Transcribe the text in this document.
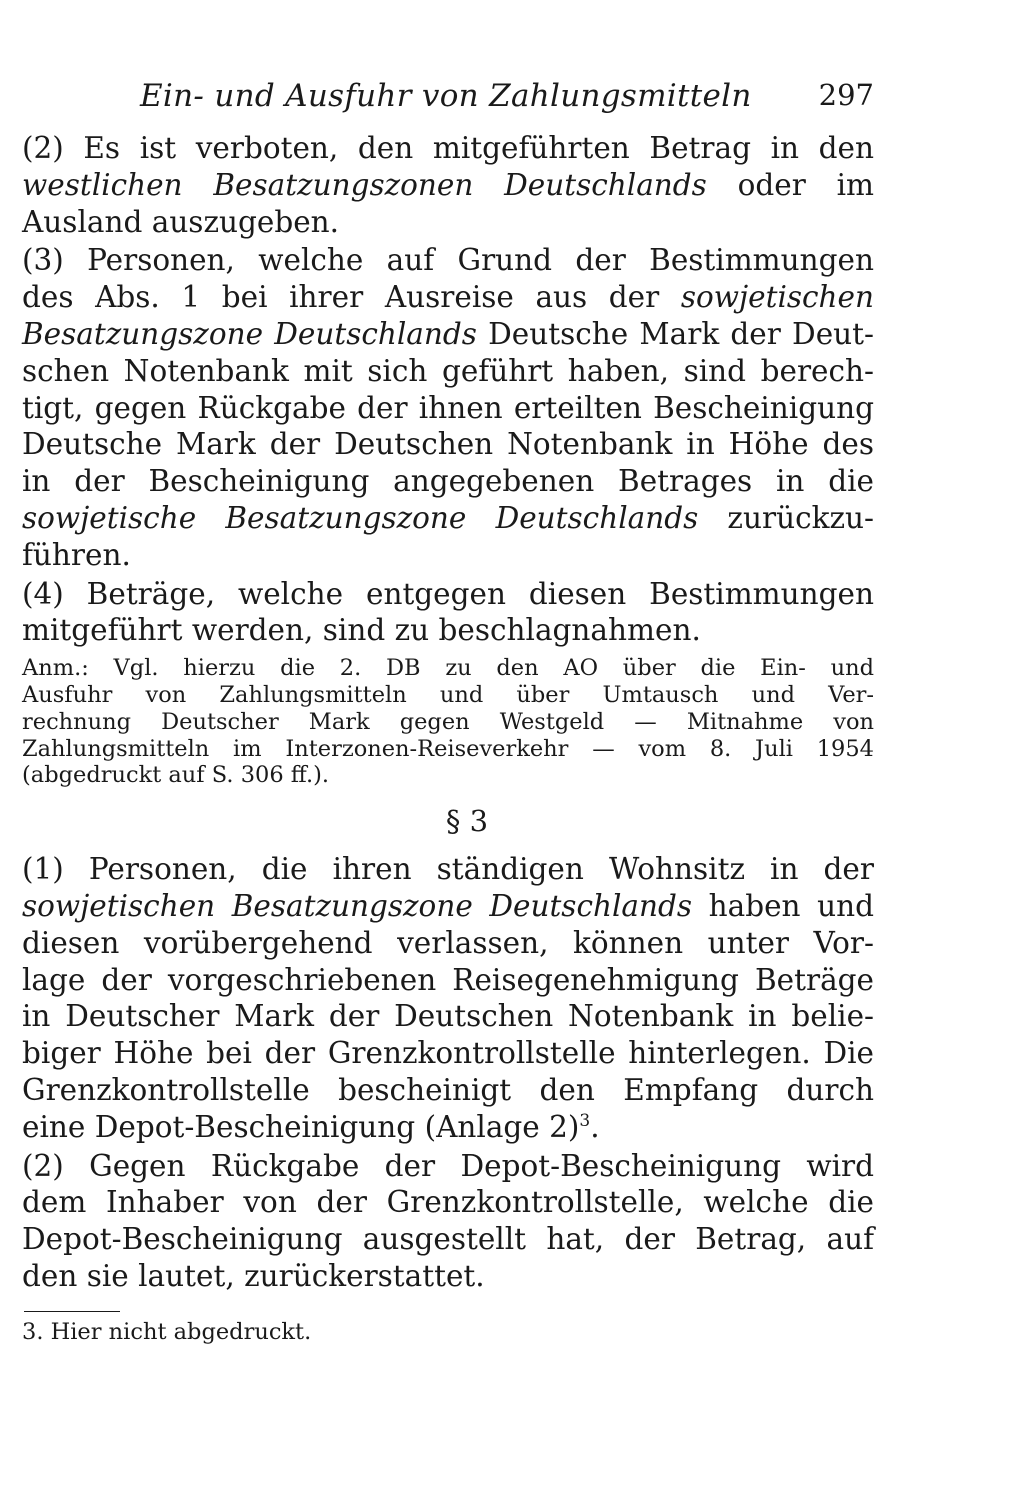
Ein- und Ausfuhr von Zahlungsmitteln 297

(2) Es ist verboten, den mitgeführten Betrag in den
westlichen Besatzungszonen Deutschlands oder im
Ausland auszugeben.

(3) Personen, welche auf Grund der Bestimmungen
des Abs. 1 bei ihrer Ausreise aus der sowjetischen
Besatzungszone Deutschlands Deutsche Mark der Deut-
schen Notenbank mit sich geführt haben, sind berech-
tigt, gegen Rückgabe der ihnen erteilten Bescheinigung
Deutsche Mark der Deutschen Notenbank in Höhe des
in der Bescheinigung angegebenen Betrages in die
sowjetische Besatzungszone Deutschlands zurückzu-
führen.

(4) Beträge, welche entgegen diesen Bestimmungen
mitgeführt werden, sind zu beschlagnahmen.

Anm.: Vgl. hierzu die 2. DB zu den AO über die Ein- und
Ausfuhr von Zahlungsmitteln und über Umtausch und Ver-
rechnung Deutscher Mark gegen Westgeld — Mitnahme von
Zahlungsmitteln im Interzonen-Reiseverkehr — vom 8. Juli 1954
(abgedruckt auf S. 306 ff.).

§ 3

(1) Personen, die ihren ständigen Wohnsitz in der
sowjetischen Besatzungszone Deutschlands haben und
diesen vorübergehend verlassen, können unter Vor-
lage der vorgeschriebenen Reisegenehmigung Beträge
in Deutscher Mark der Deutschen Notenbank in belie-
biger Höhe bei der Grenzkontrollstelle hinterlegen. Die
Grenzkontrollstelle bescheinigt den Empfang durch
eine Depot-Bescheinigung (Anlage 2)$^3$.

(2) Gegen Rückgabe der Depot-Bescheinigung wird
dem Inhaber von der Grenzkontrollstelle, welche die
Depot-Bescheinigung ausgestellt hat, der Betrag, auf
den sie lautet, zurückerstattet.

3. Hier nicht abgedruckt.
